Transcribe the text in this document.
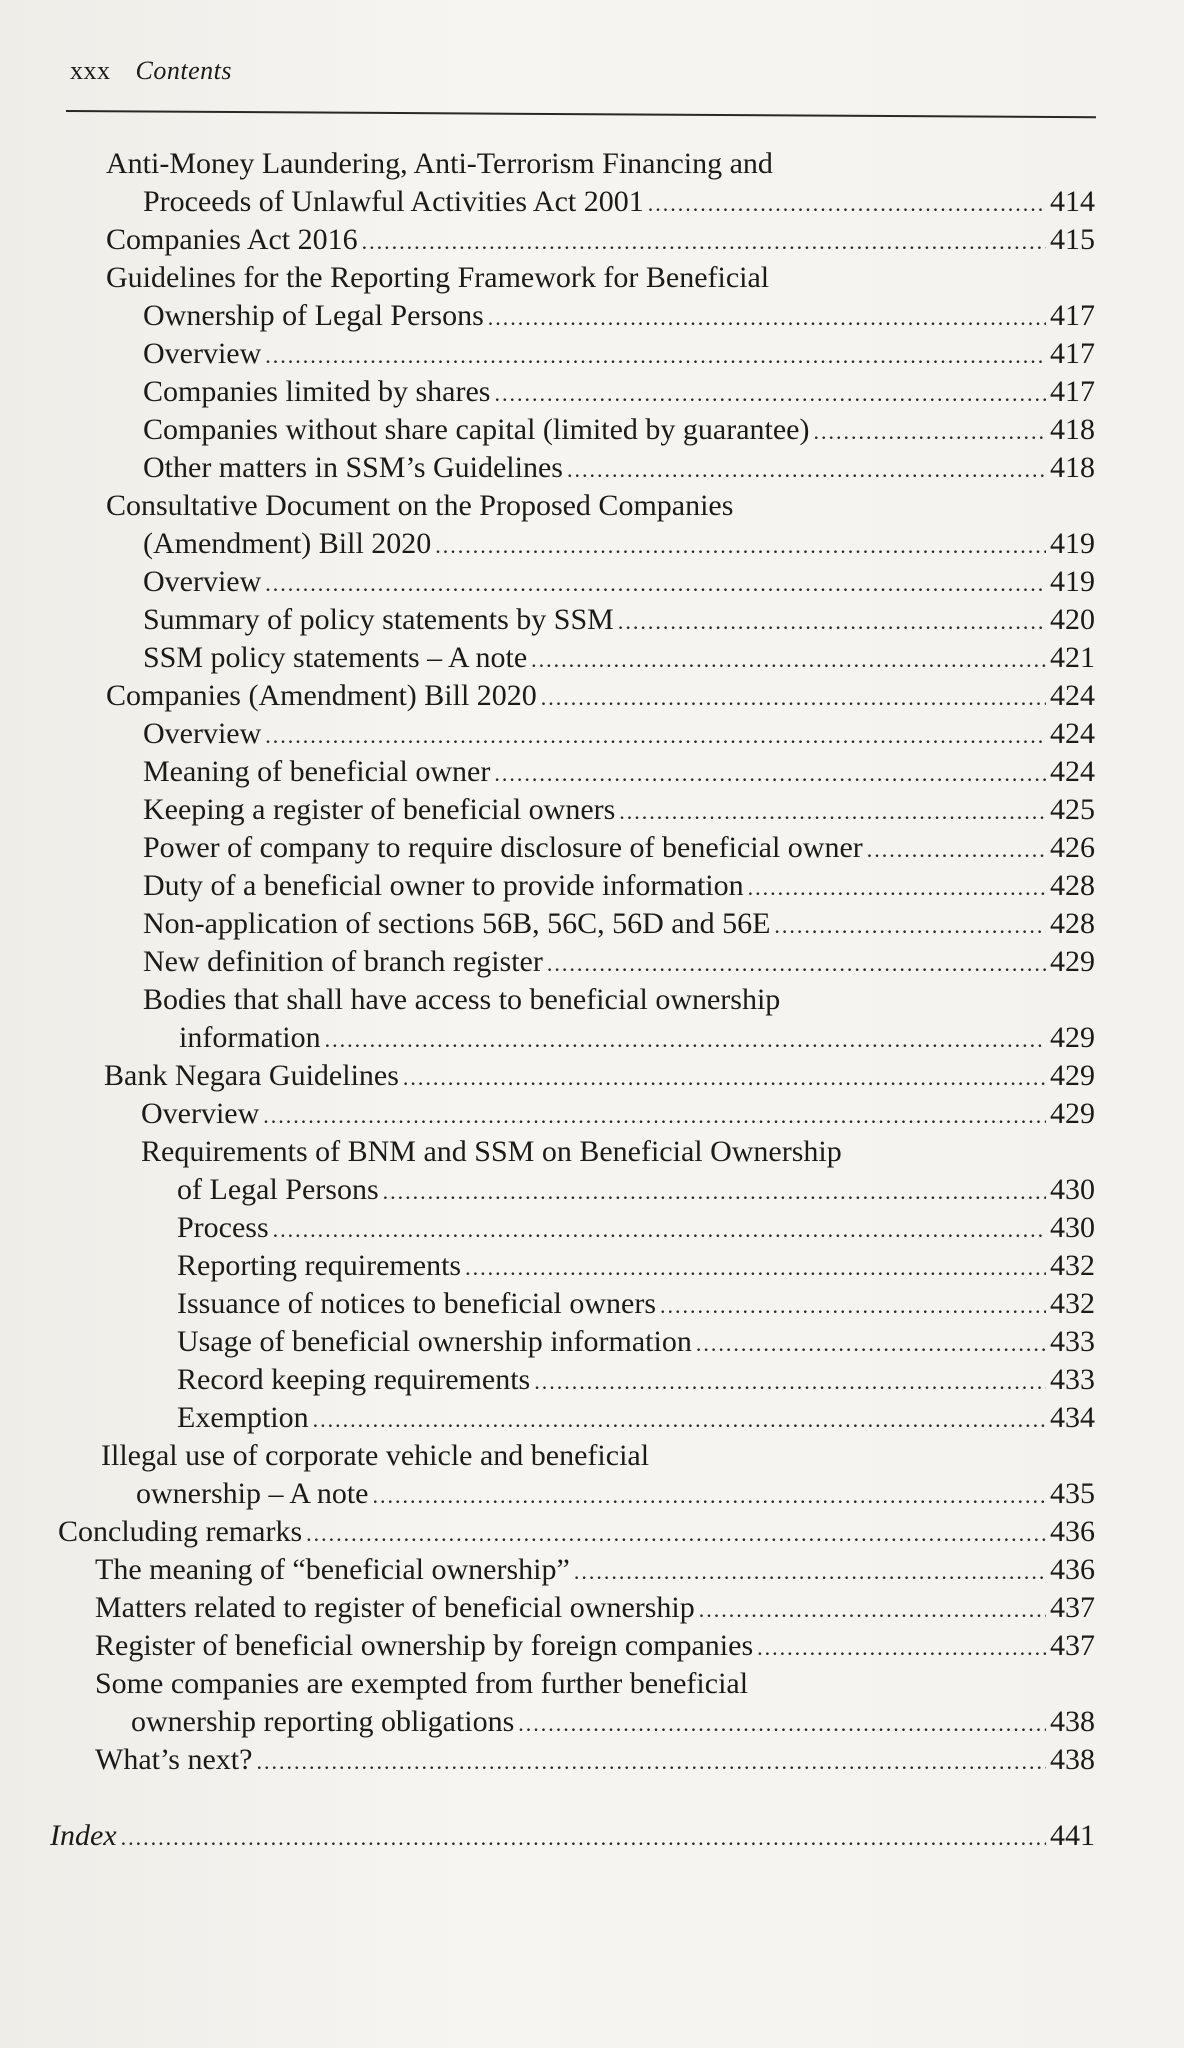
xxx Contents
Anti-Money Laundering, Anti-Terrorism Financing and
Proceeds of Unlawful Activities Act 2001 .....	414
Companies Act 2016 .....	415
Guidelines for the Reporting Framework for Beneficial
Ownership of Legal Persons .....	417
Overview .....	417
Companies limited by shares .....	417
Companies without share capital (limited by guarantee) .....	418
Other matters in SSM’s Guidelines .....	418
Consultative Document on the Proposed Companies
(Amendment) Bill 2020 .....	419
Overview .....	419
Summary of policy statements by SSM .....	420
SSM policy statements – A note .....	421
Companies (Amendment) Bill 2020 .....	424
Overview .....	424
Meaning of beneficial owner .....	424
Keeping a register of beneficial owners .....	425
Power of company to require disclosure of beneficial owner .....	426
Duty of a beneficial owner to provide information .....	428
Non-application of sections 56B, 56C, 56D and 56E .....	428
New definition of branch register .....	429
Bodies that shall have access to beneficial ownership
information .....	429
Bank Negara Guidelines .....	429
Overview .....	429
Requirements of BNM and SSM on Beneficial Ownership
of Legal Persons .....	430
Process .....	430
Reporting requirements .....	432
Issuance of notices to beneficial owners .....	432
Usage of beneficial ownership information .....	433
Record keeping requirements .....	433
Exemption .....	434
Illegal use of corporate vehicle and beneficial
ownership – A note .....	435
Concluding remarks .....	436
The meaning of “beneficial ownership” .....	436
Matters related to register of beneficial ownership .....	437
Register of beneficial ownership by foreign companies .....	437
Some companies are exempted from further beneficial
ownership reporting obligations .....	438
What’s next? .....	438
Index .....	441
